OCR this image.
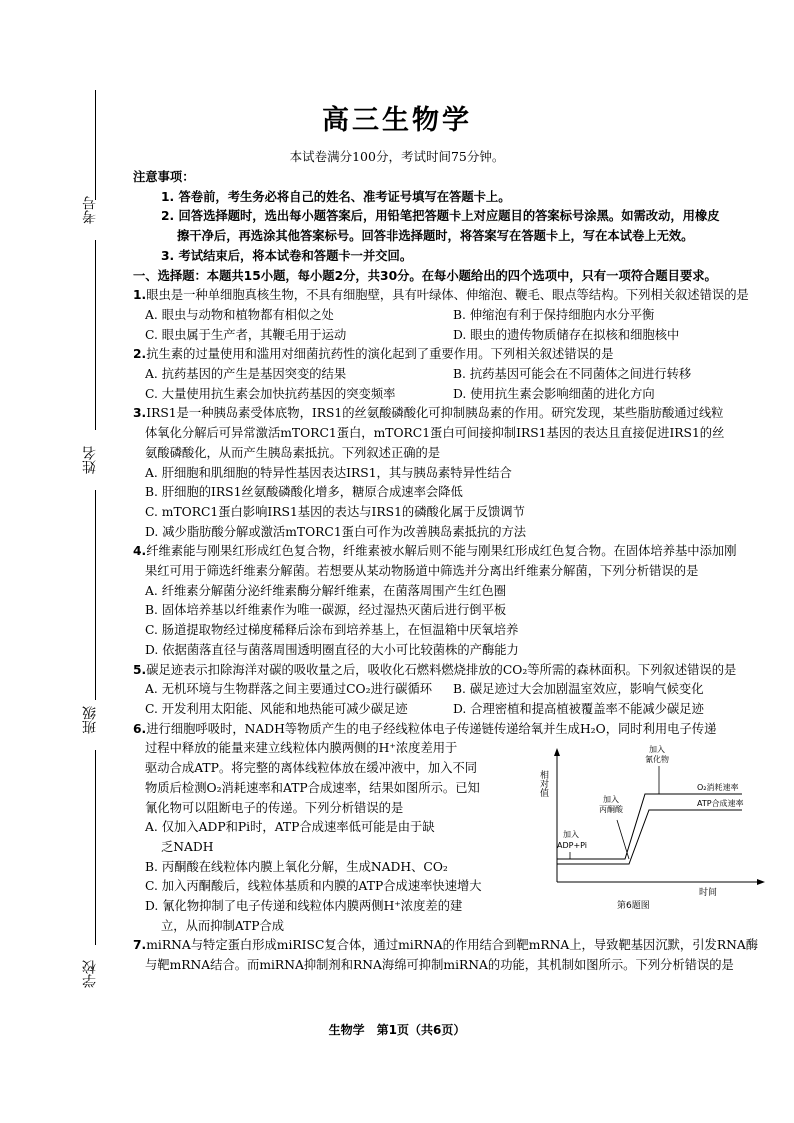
考号
姓名
班级
学校
高三生物学
本试卷满分100分，考试时间75分钟。
注意事项：
1. 答卷前，考生务必将自己的姓名、准考证号填写在答题卡上。
2. 回答选择题时，选出每小题答案后，用铅笔把答题卡上对应题目的答案标号涂黑。如需改动，用橡皮
擦干净后，再选涂其他答案标号。回答非选择题时，将答案写在答题卡上，写在本试卷上无效。
3. 考试结束后，将本试卷和答题卡一并交回。
一、选择题：本题共15小题，每小题2分，共30分。在每小题给出的四个选项中，只有一项符合题目要求。
1.眼虫是一种单细胞真核生物，不具有细胞壁，具有叶绿体、伸缩泡、鞭毛、眼点等结构。下列相关叙述错误的是
A. 眼虫与动物和植物都有相似之处	B. 伸缩泡有利于保持细胞内水分平衡
C. 眼虫属于生产者，其鞭毛用于运动	D. 眼虫的遗传物质储存在拟核和细胞核中
2.抗生素的过量使用和滥用对细菌抗药性的演化起到了重要作用。下列相关叙述错误的是
A. 抗药基因的产生是基因突变的结果	B. 抗药基因可能会在不同菌体之间进行转移
C. 大量使用抗生素会加快抗药基因的突变频率	D. 使用抗生素会影响细菌的进化方向
3.IRS1是一种胰岛素受体底物，IRS1的丝氨酸磷酸化可抑制胰岛素的作用。研究发现，某些脂肪酸通过线粒
体氧化分解后可异常激活mTORC1蛋白，mTORC1蛋白可间接抑制IRS1基因的表达且直接促进IRS1的丝
氨酸磷酸化，从而产生胰岛素抵抗。下列叙述正确的是
A. 肝细胞和肌细胞的特异性基因表达IRS1，其与胰岛素特异性结合
B. 肝细胞的IRS1丝氨酸磷酸化增多，糖原合成速率会降低
C. mTORC1蛋白影响IRS1基因的表达与IRS1的磷酸化属于反馈调节
D. 减少脂肪酸分解或激活mTORC1蛋白可作为改善胰岛素抵抗的方法
4.纤维素能与刚果红形成红色复合物，纤维素被水解后则不能与刚果红形成红色复合物。在固体培养基中添加刚
果红可用于筛选纤维素分解菌。若想要从某动物肠道中筛选并分离出纤维素分解菌，下列分析错误的是
A. 纤维素分解菌分泌纤维素酶分解纤维素，在菌落周围产生红色圈
B. 固体培养基以纤维素作为唯一碳源，经过湿热灭菌后进行倒平板
C. 肠道提取物经过梯度稀释后涂布到培养基上，在恒温箱中厌氧培养
D. 依据菌落直径与菌落周围透明圈直径的大小可比较菌株的产酶能力
5.碳足迹表示扣除海洋对碳的吸收量之后，吸收化石燃料燃烧排放的CO₂等所需的森林面积。下列叙述错误的是
A. 无机环境与生物群落之间主要通过CO₂进行碳循环	B. 碳足迹过大会加剧温室效应，影响气候变化
C. 开发利用太阳能、风能和地热能可减少碳足迹	D. 合理密植和提高植被覆盖率不能减少碳足迹
6.进行细胞呼吸时，NADH等物质产生的电子经线粒体电子传递链传递给氧并生成H₂O，同时利用电子传递
过程中释放的能量来建立线粒体内膜两侧的H⁺浓度差用于
驱动合成ATP。将完整的离体线粒体放在缓冲液中，加入不同
物质后检测O₂消耗速率和ATP合成速率，结果如图所示。已知
氰化物可以阻断电子的传递。下列分析错误的是
A. 仅加入ADP和Pi时，ATP合成速率低可能是由于缺
乏NADH
B. 丙酮酸在线粒体内膜上氧化分解，生成NADH、CO₂
C. 加入丙酮酸后，线粒体基质和内膜的ATP合成速率快速增大
D. 氰化物抑制了电子传递和线粒体内膜两侧H⁺浓度差的建
立，从而抑制ATP合成
7.miRNA与特定蛋白形成miRISC复合体，通过miRNA的作用结合到靶mRNA上，导致靶基因沉默，引发RNA酶
与靶mRNA结合。而miRNA抑制剂和RNA海绵可抑制miRNA的功能，其机制如图所示。下列分析错误的是
相对值
时间
加入
氰化物
加入
丙酮酸
加入
ADP+Pi
O₂消耗速率
ATP合成速率
第6题图
生物学　第1页（共6页）
